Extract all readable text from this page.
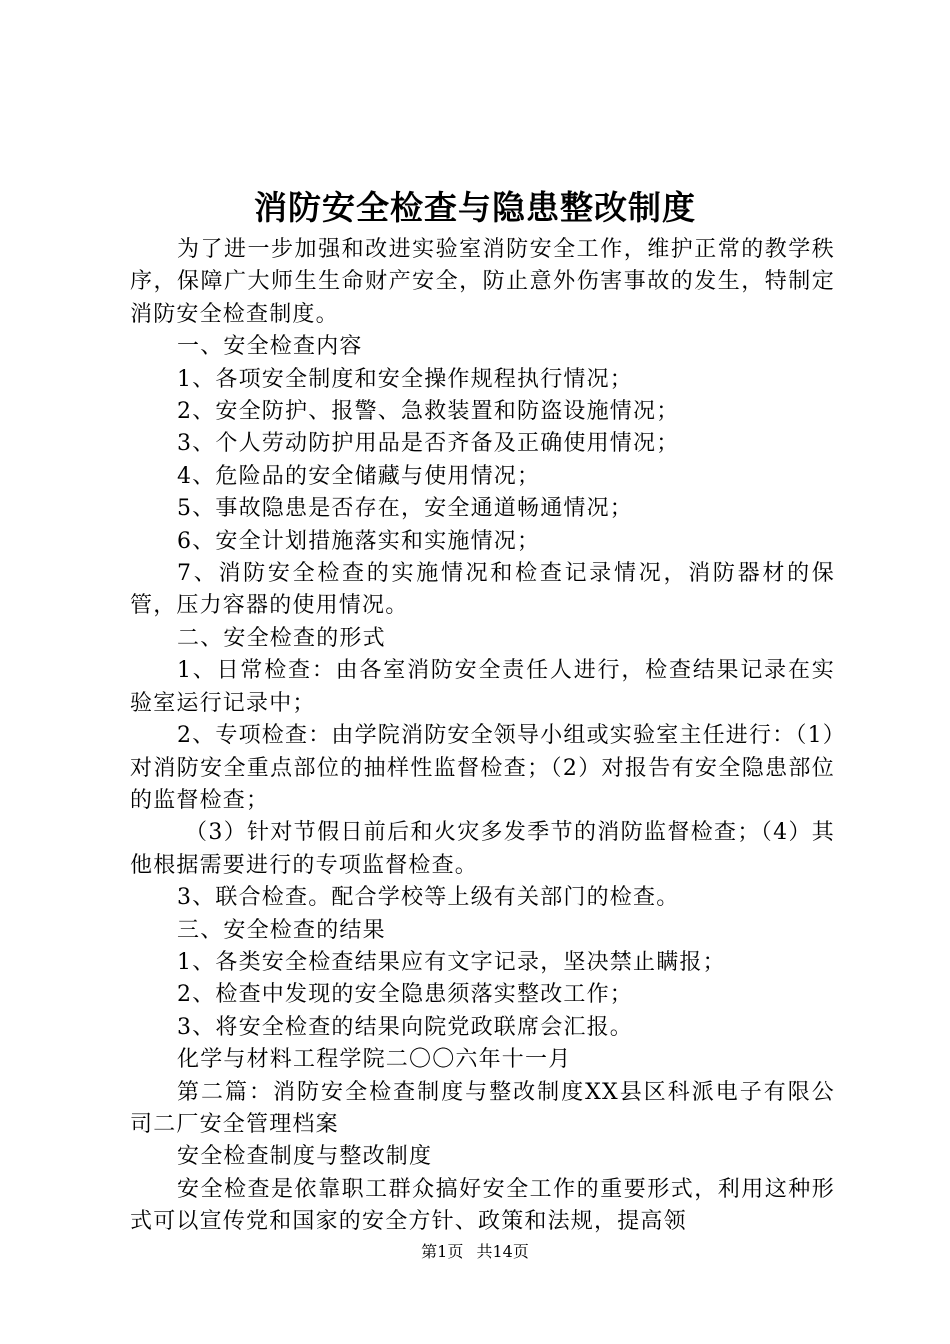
消防安全检查与隐患整改制度

为了进一步加强和改进实验室消防安全工作，维护正常的教学秩序，保障广大师生生命财产安全，防止意外伤害事故的发生，特制定消防安全检查制度。

一、安全检查内容

1、各项安全制度和安全操作规程执行情况；

2、安全防护、报警、急救装置和防盗设施情况；

3、个人劳动防护用品是否齐备及正确使用情况；

4、危险品的安全储藏与使用情况；

5、事故隐患是否存在，安全通道畅通情况；

6、安全计划措施落实和实施情况；

7、消防安全检查的实施情况和检查记录情况，消防器材的保管，压力容器的使用情况。

二、安全检查的形式

1、日常检查：由各室消防安全责任人进行，检查结果记录在实验室运行记录中；

2、专项检查：由学院消防安全领导小组或实验室主任进行：（1）对消防安全重点部位的抽样性监督检查；（2）对报告有安全隐患部位的监督检查；

（3）针对节假日前后和火灾多发季节的消防监督检查；（4）其他根据需要进行的专项监督检查。

3、联合检查。配合学校等上级有关部门的检查。

三、安全检查的结果

1、各类安全检查结果应有文字记录，坚决禁止瞒报；

2、检查中发现的安全隐患须落实整改工作；

3、将安全检查的结果向院党政联席会汇报。

化学与材料工程学院二〇〇六年十一月

第二篇：消防安全检查制度与整改制度XX县区科派电子有限公司二厂安全管理档案

安全检查制度与整改制度

安全检查是依靠职工群众搞好安全工作的重要形式，利用这种形式可以宣传党和国家的安全方针、政策和法规，提高领

第1页 共14页
